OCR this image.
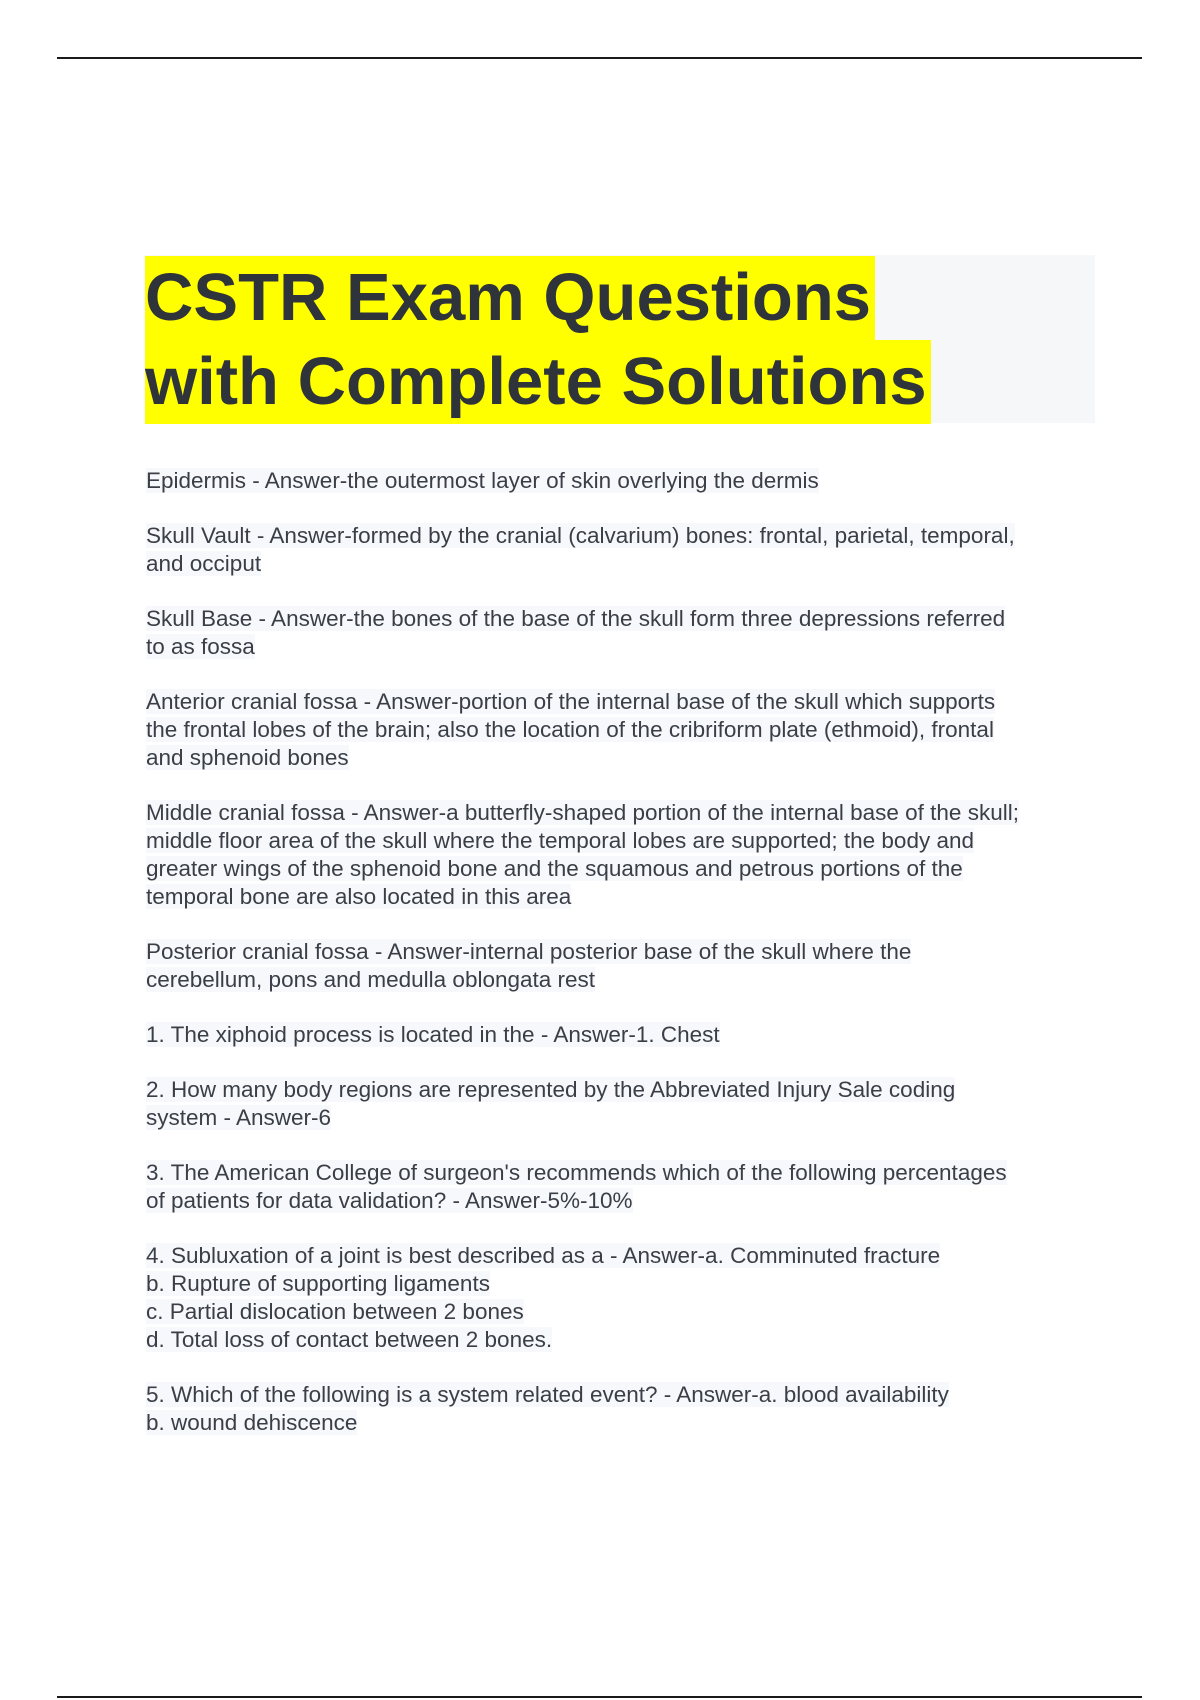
CSTR Exam Questions
with Complete Solutions
Epidermis - Answer-the outermost layer of skin overlying the dermis
Skull Vault - Answer-formed by the cranial (calvarium) bones: frontal, parietal, temporal,
and occiput
Skull Base - Answer-the bones of the base of the skull form three depressions referred
to as fossa
Anterior cranial fossa - Answer-portion of the internal base of the skull which supports
the frontal lobes of the brain; also the location of the cribriform plate (ethmoid), frontal
and sphenoid bones
Middle cranial fossa - Answer-a butterfly-shaped portion of the internal base of the skull;
middle floor area of the skull where the temporal lobes are supported; the body and
greater wings of the sphenoid bone and the squamous and petrous portions of the
temporal bone are also located in this area
Posterior cranial fossa - Answer-internal posterior base of the skull where the
cerebellum, pons and medulla oblongata rest
1. The xiphoid process is located in the - Answer-1. Chest
2. How many body regions are represented by the Abbreviated Injury Sale coding
system - Answer-6
3. The American College of surgeon's recommends which of the following percentages
of patients for data validation? - Answer-5%-10%
4. Subluxation of a joint is best described as a - Answer-a. Comminuted fracture
b. Rupture of supporting ligaments
c. Partial dislocation between 2 bones
d. Total loss of contact between 2 bones.
5. Which of the following is a system related event? - Answer-a. blood availability
b. wound dehiscence
